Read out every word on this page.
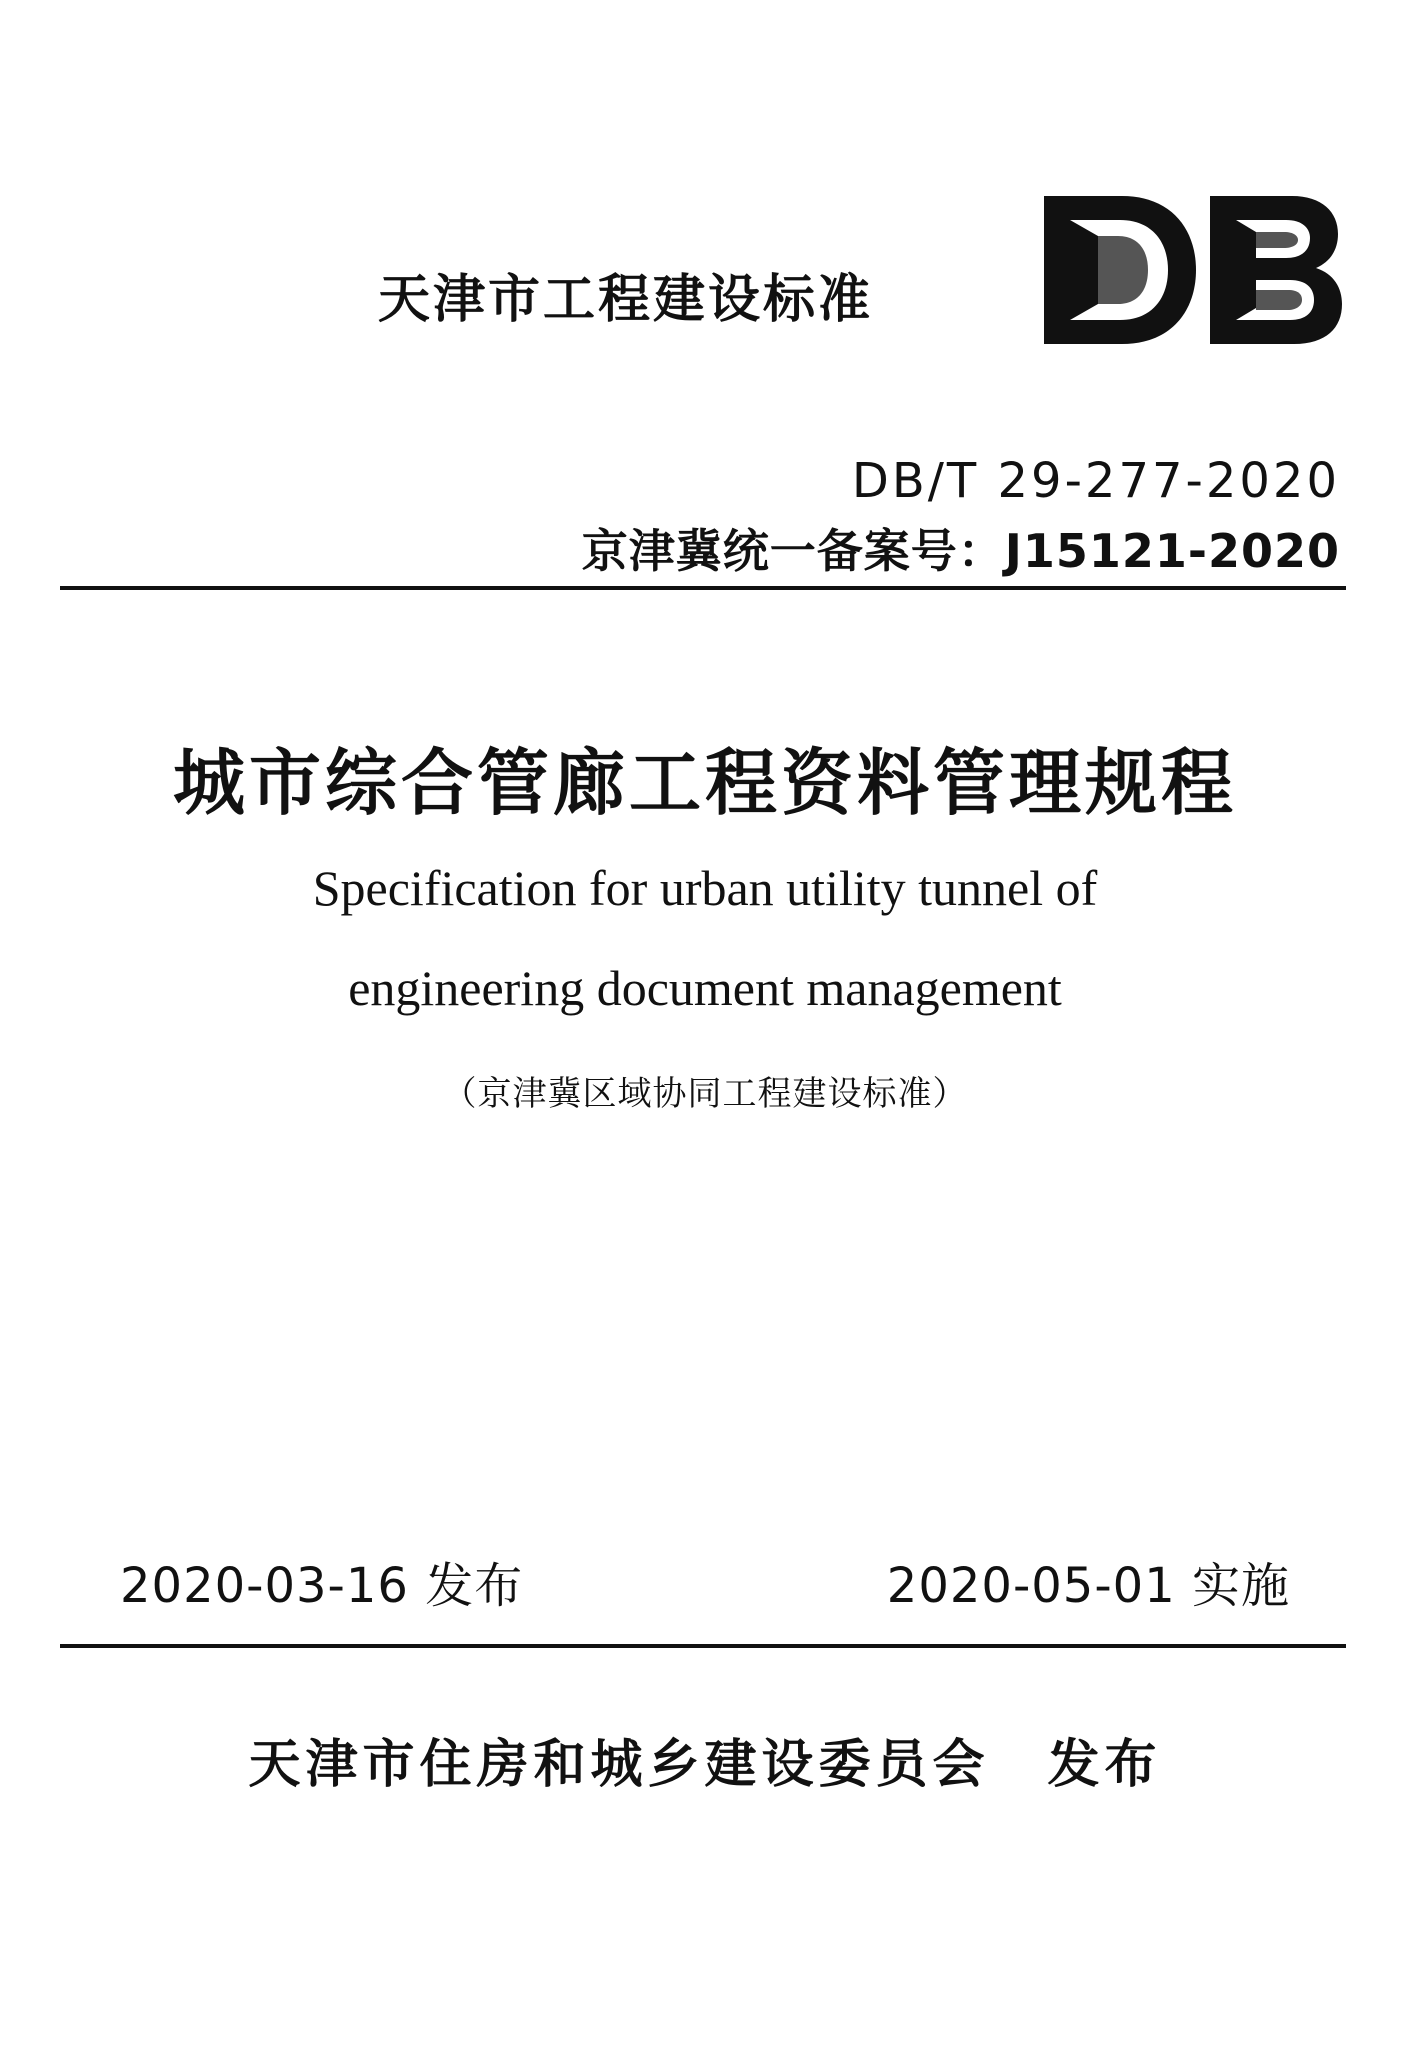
天津市工程建设标准
DB/T 29-277-2020
京津冀统一备案号：J15121-2020
城市综合管廊工程资料管理规程
Specification for urban utility tunnel of
engineering document management
（京津冀区域协同工程建设标准）
2020-03-16 发布	2020-05-01 实施
天津市住房和城乡建设委员会 发布
